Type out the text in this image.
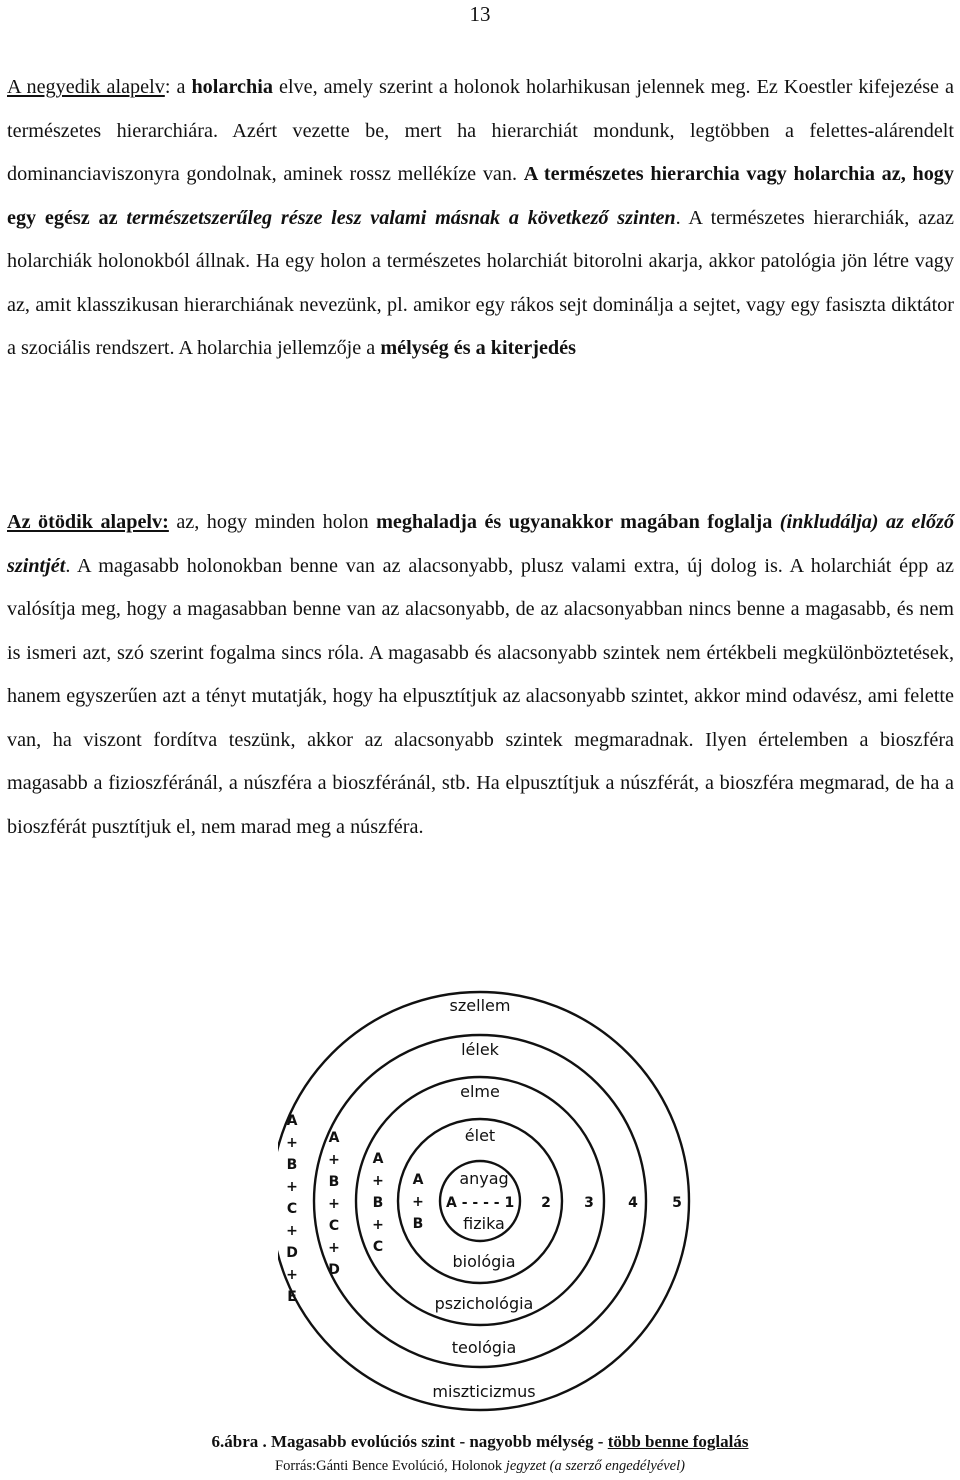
13

A negyedik alapelv: a holarchia elve, amely szerint a holonok holarhikusan jelennek meg. Ez Koestler kifejezése a természetes hierarchiára. Azért vezette be, mert ha hierarchiát mondunk, legtöbben a felettes-alárendelt dominanciaviszonyra gondolnak, aminek rossz mellékíze van. A természetes hierarchia vagy holarchia az, hogy egy egész az természetszerűleg része lesz valami másnak a következő szinten. A természetes hierarchiák, azaz holarchiák holonokból állnak. Ha egy holon a természetes holarchiát bitorolni akarja, akkor patológia jön létre vagy az, amit klasszikusan hierarchiának nevezünk, pl. amikor egy rákos sejt dominálja a sejtet, vagy egy fasiszta diktátor a szociális rendszert. A holarchia jellemzője a mélység és a kiterjedés

Az ötödik alapelv: az, hogy minden holon meghaladja és ugyanakkor magában foglalja (inkludálja) az előző szintjét. A magasabb holonokban benne van az alacsonyabb, plusz valami extra, új dolog is. A holarchiát épp az valósítja meg, hogy a magasabban benne van az alacsonyabb, de az alacsonyabban nincs benne a magasabb, és nem is ismeri azt, szó szerint fogalma sincs róla. A magasabb és alacsonyabb szintek nem értékbeli megkülönböztetések, hanem egyszerűen azt a tényt mutatják, hogy ha elpusztítjuk az alacsonyabb szintet, akkor mind odavész, ami felette van, ha viszont fordítva teszünk, akkor az alacsonyabb szintek megmaradnak. Ilyen értelemben a bioszféra magasabb a fizioszféránál, a núszféra a bioszféránál, stb. Ha elpusztítjuk a núszférát, a bioszféra megmarad, de ha a bioszférát pusztítjuk el, nem marad meg a núszféra.

szellem
lélek
elme
élet
anyag
fizika
biológia
pszichológia
teológia
miszticizmus
A - - - - 1 2 3 4 5
A
+
B
+
C
+
D
+
E
A
+
B
+
C
+
D
A
+
B
+
C
A
+
B
6.ábra . Magasabb evolúciós szint - nagyobb mélység - több benne foglalás
Forrás:Gánti Bence Evolúció, Holonok jegyzet (a szerző engedélyével)
